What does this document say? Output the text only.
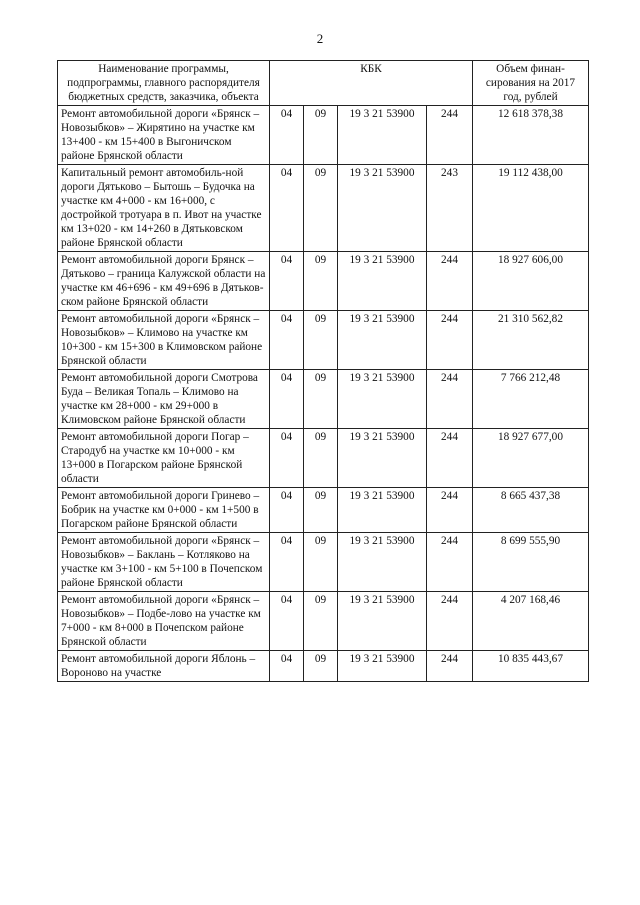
2
Наименование программы, подпрограммы, главного распорядителя бюджетных средств, заказчика, объекта	КБК				Объем финан-сирования на 2017 год, рублей
Ремонт автомобильной дороги «Брянск – Новозыбков» – Жирятино на участке км 13+400 - км 15+400 в Выгоничском районе Брянской области	04	09	19 3 21 53900	244	12 618 378,38
Капитальный ремонт автомобиль-ной дороги Дятьково – Бытошь – Будочка на участке км 4+000 - км 16+000, с достройкой тротуара в п. Ивот на участке км 13+020 - км 14+260 в Дятьковском районе Брянской области	04	09	19 3 21 53900	243	19 112 438,00
Ремонт автомобильной дороги Брянск – Дятьково – граница Калужской области на участке км 46+696 - км 49+696 в Дятьков-ском районе Брянской области	04	09	19 3 21 53900	244	18 927 606,00
Ремонт автомобильной дороги «Брянск – Новозыбков» – Климово на участке км 10+300 - км 15+300 в Климовском районе Брянской области	04	09	19 3 21 53900	244	21 310 562,82
Ремонт автомобильной дороги Смотрова Буда – Великая Топаль – Климово на участке км 28+000 - км 29+000 в Климовском районе Брянской области	04	09	19 3 21 53900	244	7 766 212,48
Ремонт автомобильной дороги Погар – Стародуб на участке км 10+000 - км 13+000 в Погарском районе Брянской области	04	09	19 3 21 53900	244	18 927 677,00
Ремонт автомобильной дороги Гринево – Бобрик на участке км 0+000 - км 1+500 в Погарском районе Брянской области	04	09	19 3 21 53900	244	8 665 437,38
Ремонт автомобильной дороги «Брянск – Новозыбков» – Баклань – Котляково на участке км 3+100 - км 5+100 в Почепском районе Брянской области	04	09	19 3 21 53900	244	8 699 555,90
Ремонт автомобильной дороги «Брянск – Новозыбков» – Подбе-лово на участке км 7+000 - км 8+000 в Почепском районе Брянской области	04	09	19 3 21 53900	244	4 207 168,46
Ремонт автомобильной дороги Яблонь – Вороново на участке	04	09	19 3 21 53900	244	10 835 443,67
